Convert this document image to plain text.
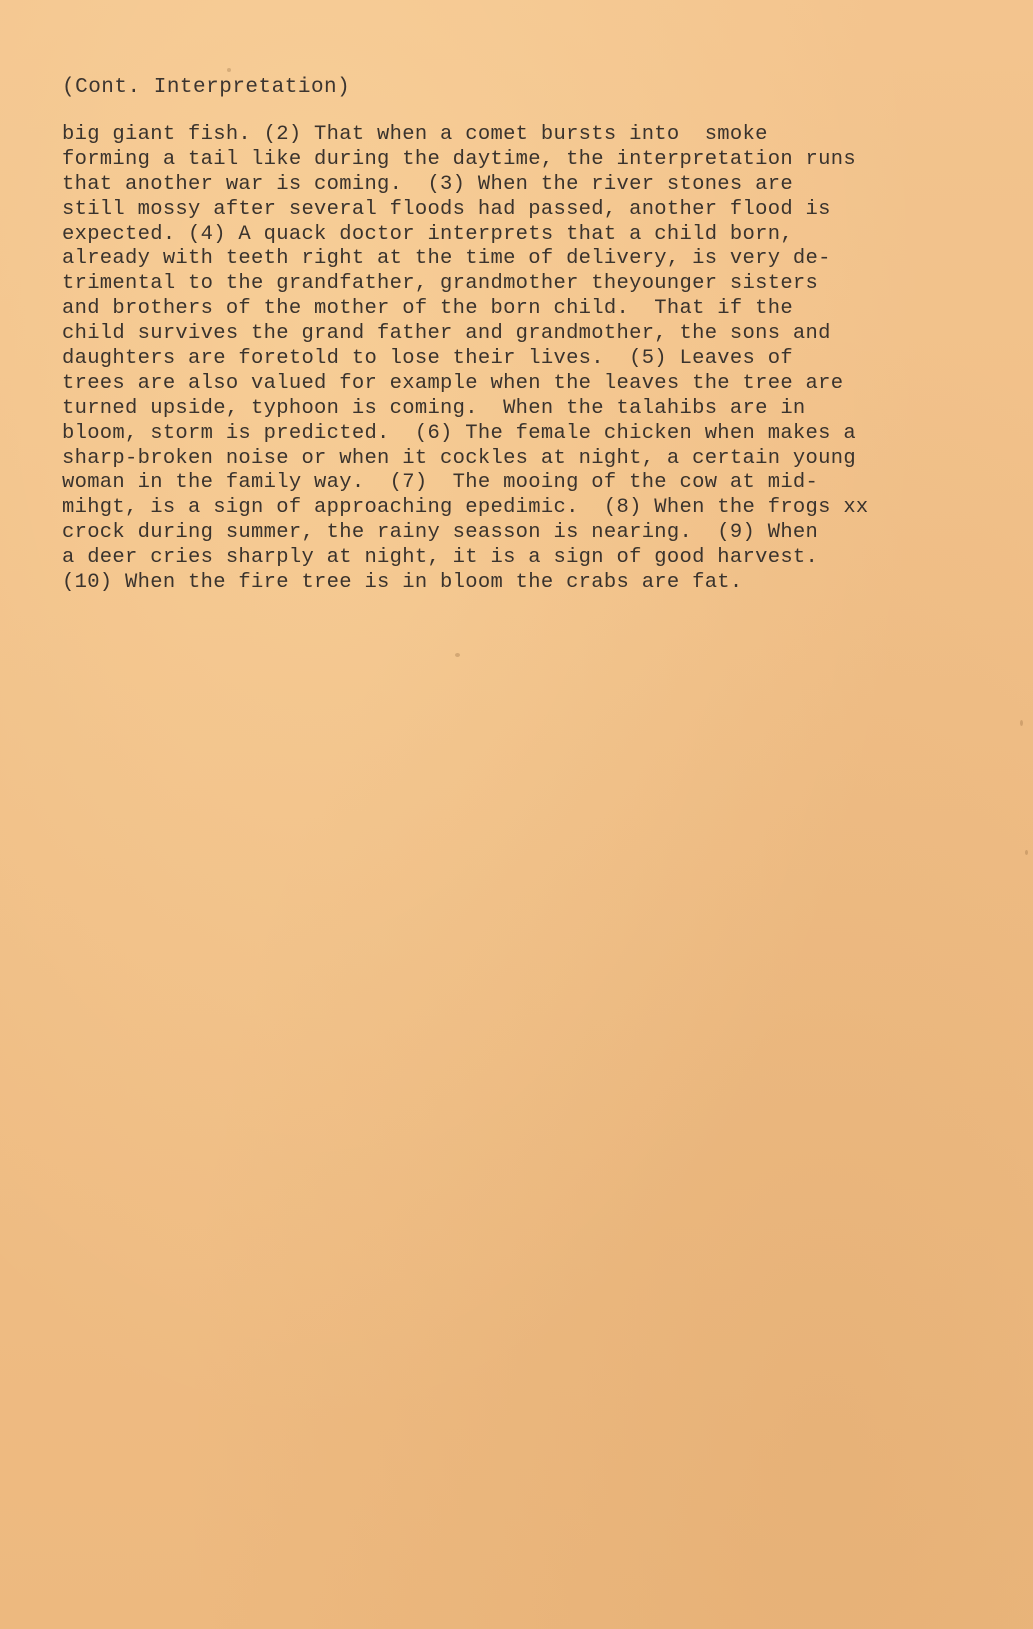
(Cont. Interpretation)
big giant fish. (2) That when a comet bursts into  smoke
forming a tail like during the daytime, the interpretation runs
that another war is coming.  (3) When the river stones are
still mossy after several floods had passed, another flood is
expected. (4) A quack doctor interprets that a child born,
already with teeth right at the time of delivery, is very de-
trimental to the grandfather, grandmother theyounger sisters
and brothers of the mother of the born child.  That if the
child survives the grand father and grandmother, the sons and
daughters are foretold to lose their lives.  (5) Leaves of
trees are also valued for example when the leaves the tree are
turned upside, typhoon is coming.  When the talahibs are in
bloom, storm is predicted.  (6) The female chicken when makes a
sharp-broken noise or when it cockles at night, a certain young
woman in the family way.  (7)  The mooing of the cow at mid-
mihgt, is a sign of approaching epedimic.  (8) When the frogs xx
crock during summer, the rainy seasson is nearing.  (9) When
a deer cries sharply at night, it is a sign of good harvest.
(10) When the fire tree is in bloom the crabs are fat.
